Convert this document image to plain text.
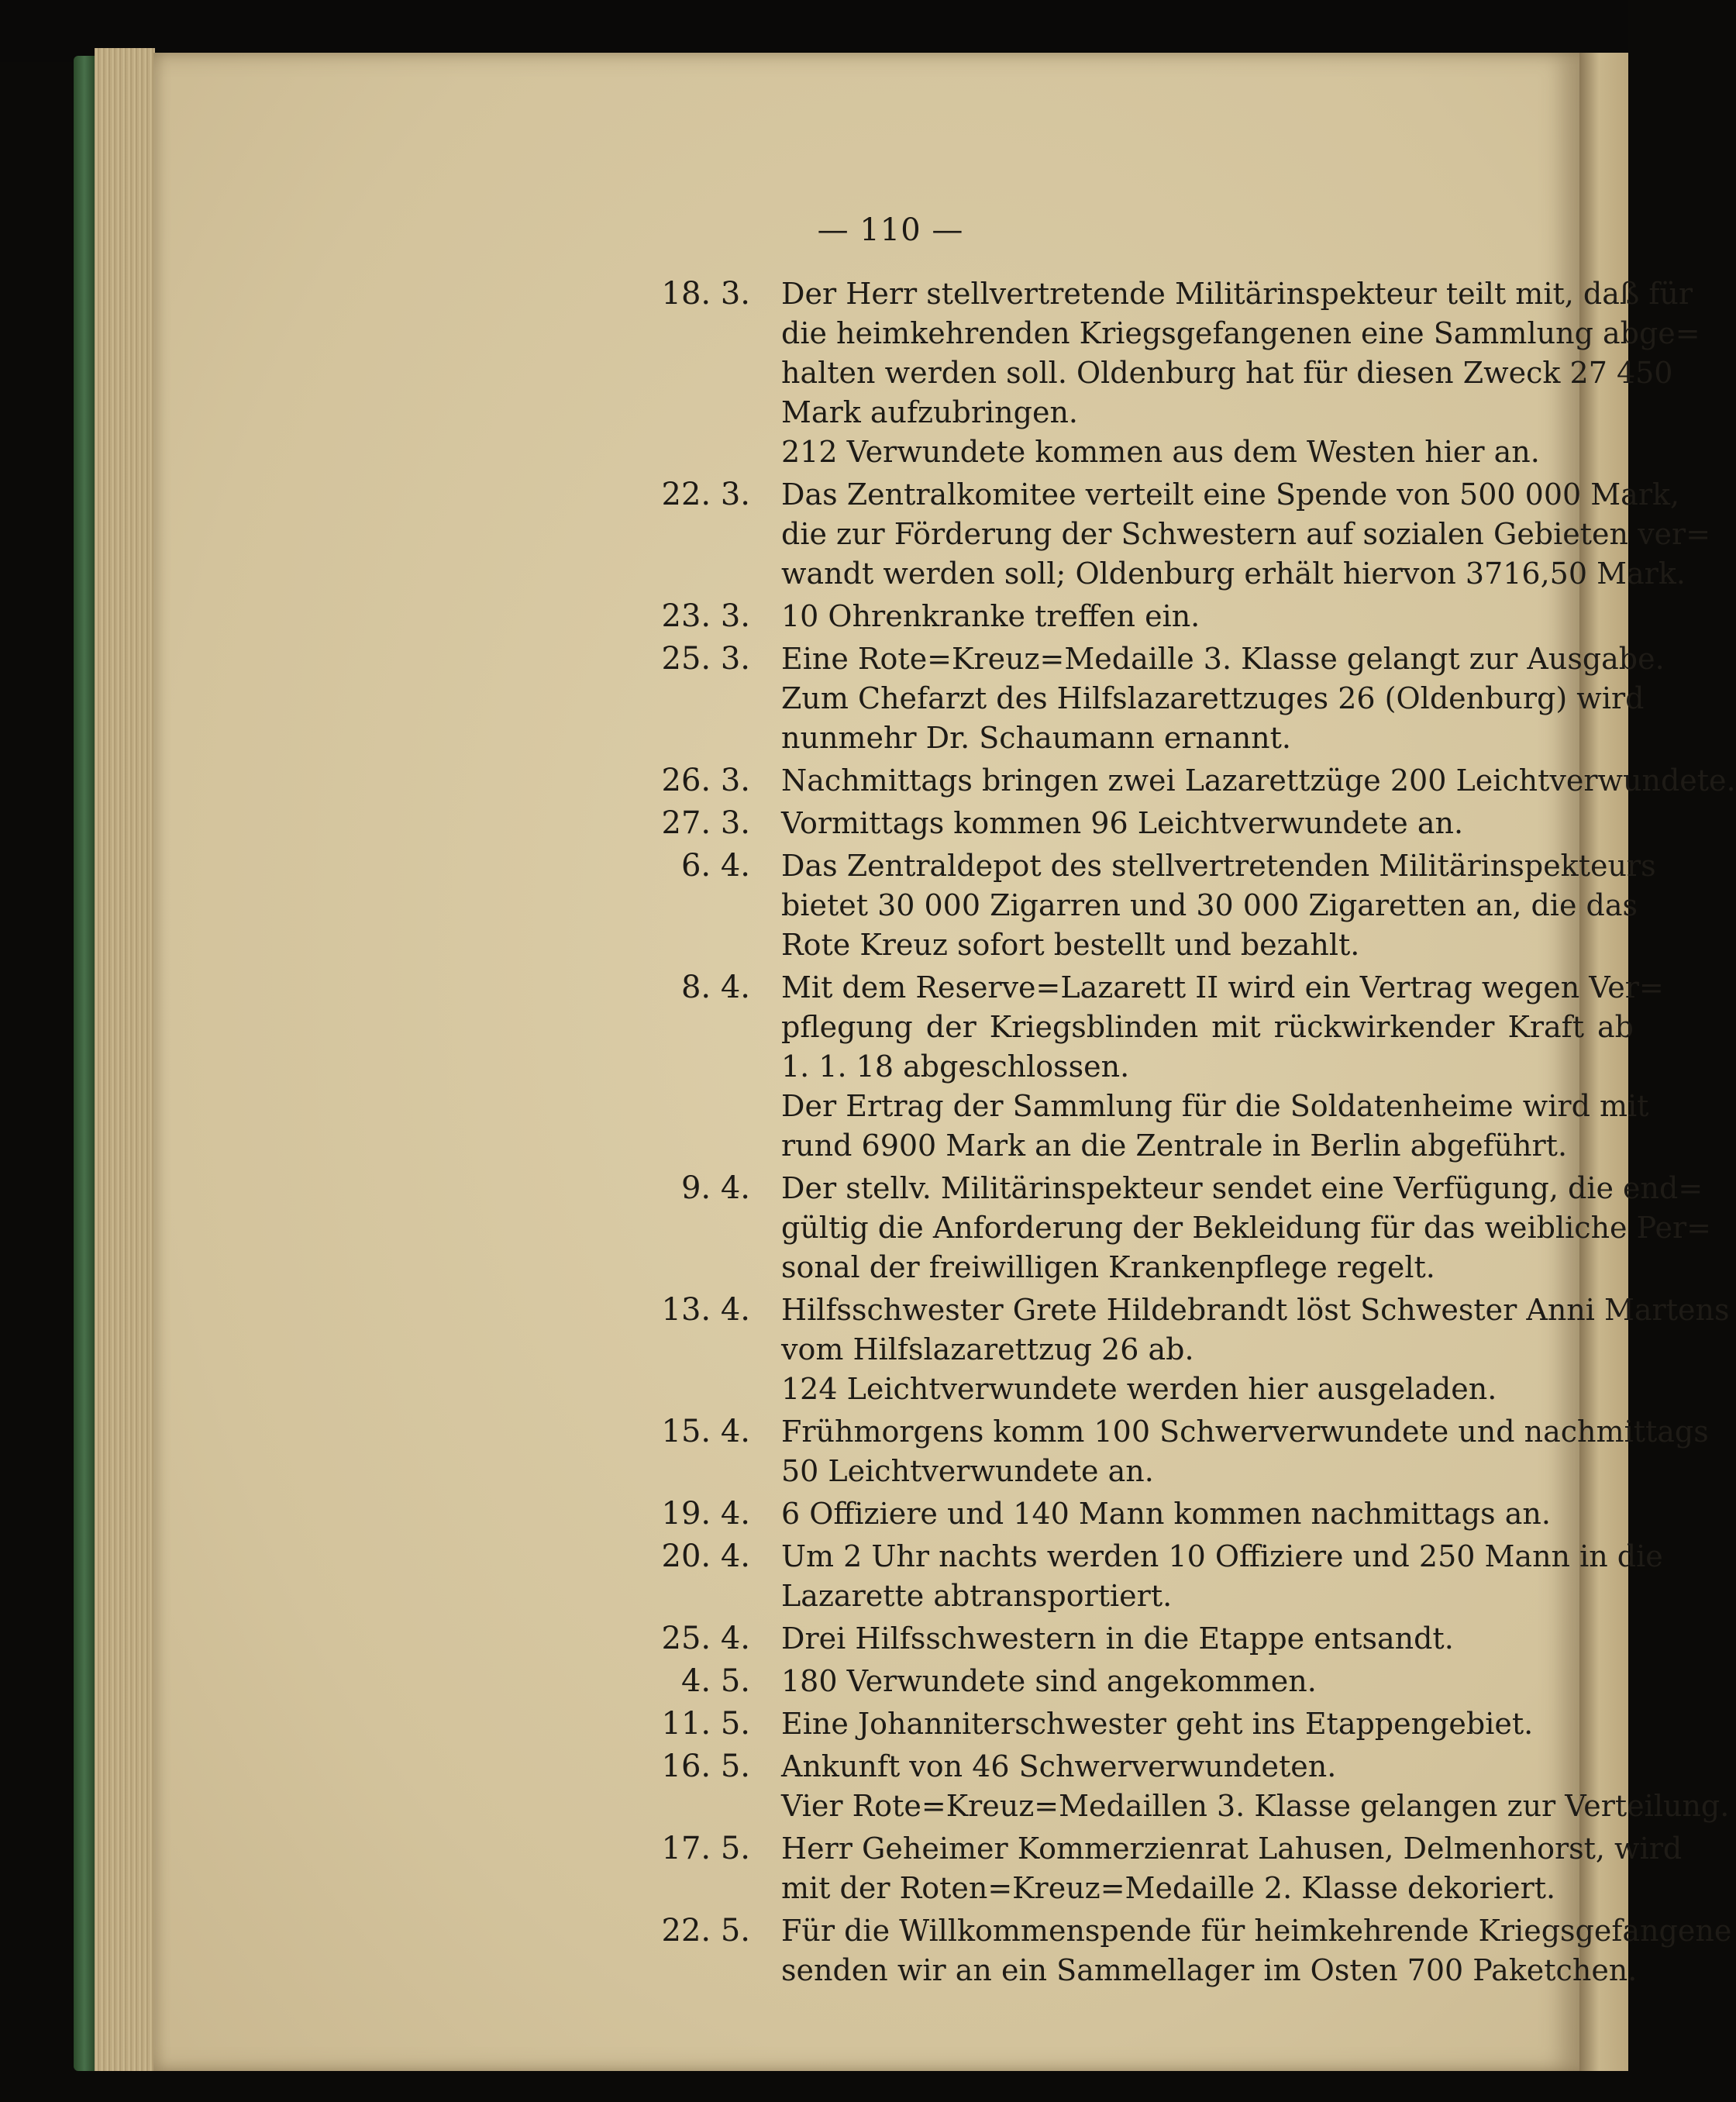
— 110 —
18. 3. Der Herr stellvertretende Militärinspekteur teilt mit, daß für
die heimkehrenden Kriegsgefangenen eine Sammlung abge=
halten werden soll. Oldenburg hat für diesen Zweck 27 450
Mark aufzubringen.
212 Verwundete kommen aus dem Westen hier an.
22. 3. Das Zentralkomitee verteilt eine Spende von 500 000 Mark,
die zur Förderung der Schwestern auf sozialen Gebieten ver=
wandt werden soll; Oldenburg erhält hiervon 3716,50 Mark.
23. 3. 10 Ohrenkranke treffen ein.
25. 3. Eine Rote=Kreuz=Medaille 3. Klasse gelangt zur Ausgabe.
Zum Chefarzt des Hilfslazarettzuges 26 (Oldenburg) wird
nunmehr Dr. Schaumann ernannt.
26. 3. Nachmittags bringen zwei Lazarettzüge 200 Leichtverwundete.
27. 3. Vormittags kommen 96 Leichtverwundete an.
6. 4. Das Zentraldepot des stellvertretenden Militärinspekteurs
bietet 30 000 Zigarren und 30 000 Zigaretten an, die das
Rote Kreuz sofort bestellt und bezahlt.
8. 4. Mit dem Reserve=Lazarett II wird ein Vertrag wegen Ver=
pflegung der Kriegsblinden mit rückwirkender Kraft ab
1. 1. 18 abgeschlossen.
Der Ertrag der Sammlung für die Soldatenheime wird mit
rund 6900 Mark an die Zentrale in Berlin abgeführt.
9. 4. Der stellv. Militärinspekteur sendet eine Verfügung, die end=
gültig die Anforderung der Bekleidung für das weibliche Per=
sonal der freiwilligen Krankenpflege regelt.
13. 4. Hilfsschwester Grete Hildebrandt löst Schwester Anni Martens
vom Hilfslazarettzug 26 ab.
124 Leichtverwundete werden hier ausgeladen.
15. 4. Frühmorgens komm 100 Schwerverwundete und nachmittags
50 Leichtverwundete an.
19. 4. 6 Offiziere und 140 Mann kommen nachmittags an.
20. 4. Um 2 Uhr nachts werden 10 Offiziere und 250 Mann in die
Lazarette abtransportiert.
25. 4. Drei Hilfsschwestern in die Etappe entsandt.
4. 5. 180 Verwundete sind angekommen.
11. 5. Eine Johanniterschwester geht ins Etappengebiet.
16. 5. Ankunft von 46 Schwerverwundeten.
Vier Rote=Kreuz=Medaillen 3. Klasse gelangen zur Verteilung.
17. 5. Herr Geheimer Kommerzienrat Lahusen, Delmenhorst, wird
mit der Roten=Kreuz=Medaille 2. Klasse dekoriert.
22. 5. Für die Willkommenspende für heimkehrende Kriegsgefangene
senden wir an ein Sammellager im Osten 700 Paketchen.
